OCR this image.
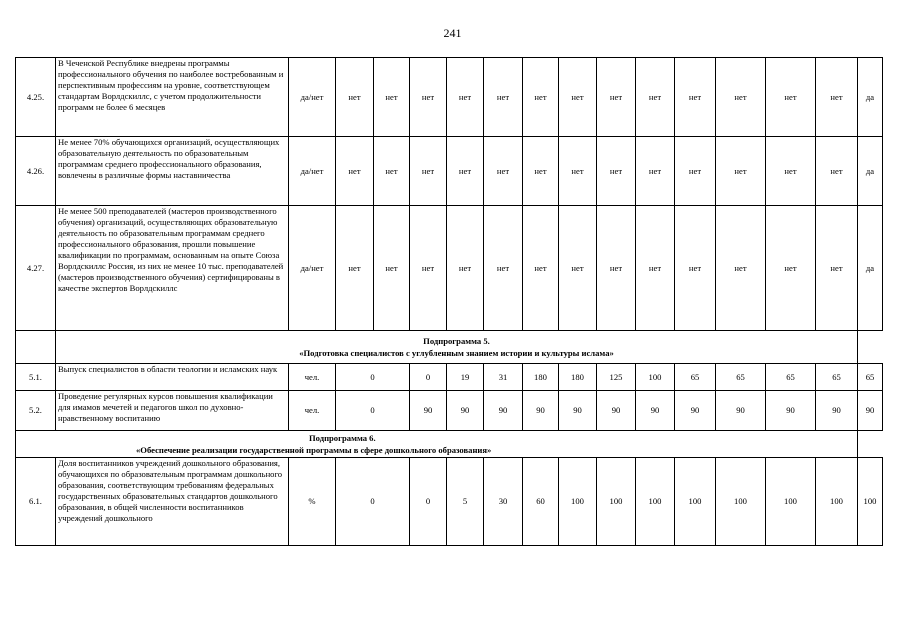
241
4.25.	В Чеченской Республике внедрены программы профессионального обучения по наиболее востребованным и перспективным профессиям на уровне, соответствующем стандартам Ворлдскиллс, с учетом продолжительности программ не более 6 месяцев	да/нет	нет	нет	нет	нет	нет	нет	нет	нет	нет	нет	нет	нет	нет	да
4.26.	Не менее 70% обучающихся организаций, осуществляющих образовательную деятельность по образовательным программам среднего профессионального образования, вовлечены в различные формы наставничества	да/нет	нет	нет	нет	нет	нет	нет	нет	нет	нет	нет	нет	нет	нет	да
4.27.	Не менее 500 преподавателей (мастеров производственного обучения) организаций, осуществляющих образовательную деятельность по образовательным программам среднего профессионального образования, прошли повышение квалификации по программам, основанным на опыте Союза Ворлдскиллс Россия, из них не менее 10 тыс. преподавателей (мастеров производственного обучения) сертифицированы в качестве экспертов Ворлдскиллс	да/нет	нет	нет	нет	нет	нет	нет	нет	нет	нет	нет	нет	нет	нет	да

	Подпрограмма 5.
«Подготовка специалистов с углубленным знанием истории и культуры ислама»															

5.1.	Выпуск специалистов в области теологии и исламских наук	чел.	0		0	19	31	180	180	125	100	65	65	65	65	65
5.2.	Проведение регулярных курсов повышения квалификации для имамов мечетей и педагогов школ по духовно-нравственному воспитанию	чел.	0		90	90	90	90	90	90	90	90	90	90	90	90

Подпрограмма 6.
«Обеспечение реализации государственной программы в сфере дошкольного образования»																

6.1.	Доля воспитанников учреждений дошкольного образования, обучающихся по образовательным программам дошкольного образования, соответствующим требованиям федеральных государственных образовательных стандартов дошкольного образования, в общей численности воспитанников учреждений дошкольного	%	0		0	5	30	60	100	100	100	100	100	100	100	100
